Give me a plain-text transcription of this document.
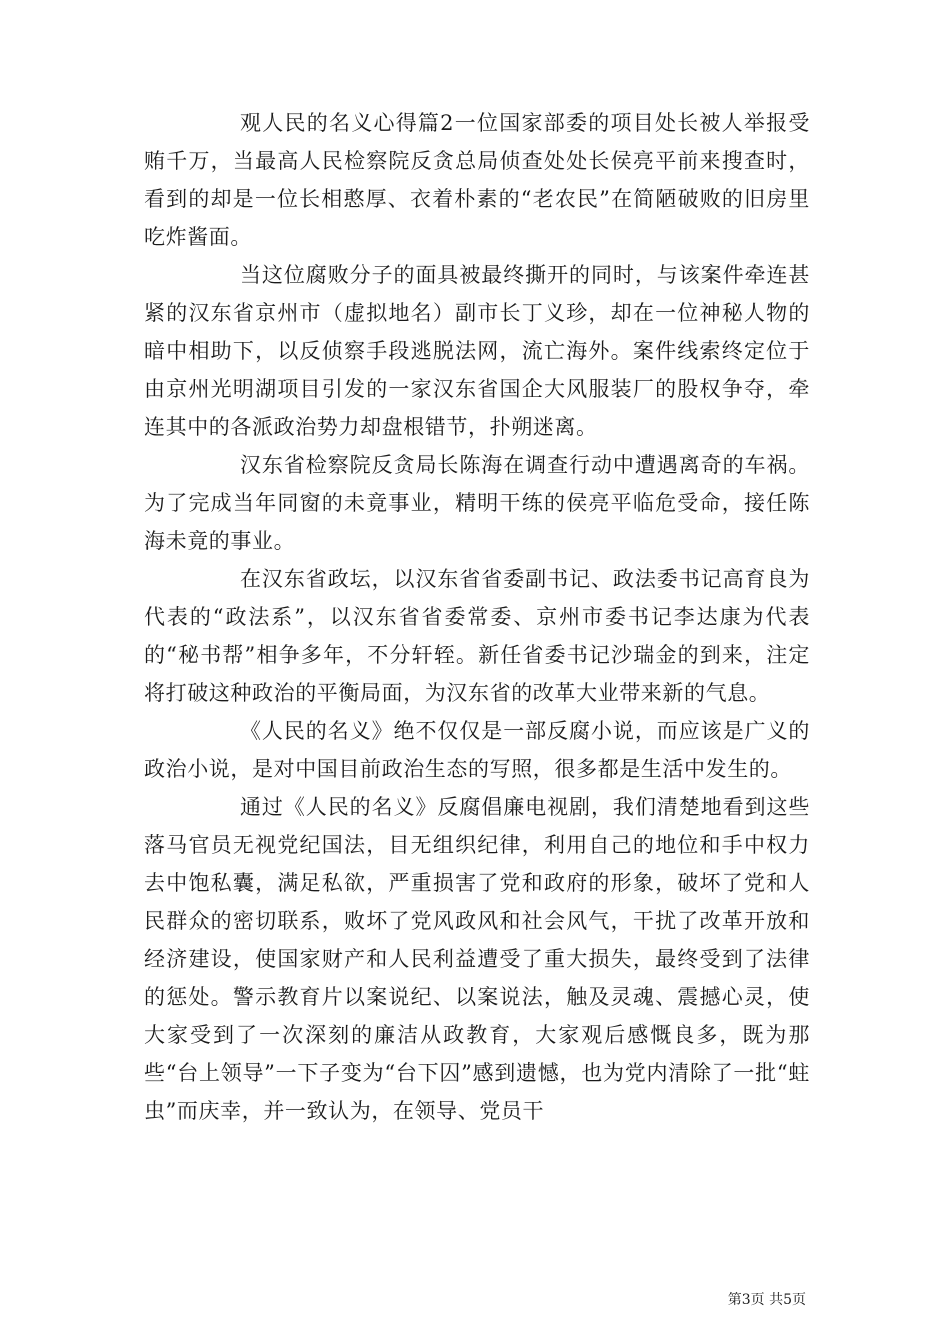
观人民的名义心得篇2一位国家部委的项目处长被人举报受贿千万，当最高人民检察院反贪总局侦查处处长侯亮平前来搜查时，看到的却是一位长相憨厚、衣着朴素的“老农民”在简陋破败的旧房里吃炸酱面。

当这位腐败分子的面具被最终撕开的同时，与该案件牵连甚紧的汉东省京州市（虚拟地名）副市长丁义珍，却在一位神秘人物的暗中相助下，以反侦察手段逃脱法网，流亡海外。案件线索终定位于由京州光明湖项目引发的一家汉东省国企大风服装厂的股权争夺，牵连其中的各派政治势力却盘根错节，扑朔迷离。

汉东省检察院反贪局长陈海在调查行动中遭遇离奇的车祸。为了完成当年同窗的未竟事业，精明干练的侯亮平临危受命，接任陈海未竟的事业。

在汉东省政坛，以汉东省省委副书记、政法委书记高育良为代表的“政法系”，以汉东省省委常委、京州市委书记李达康为代表的“秘书帮”相争多年，不分轩轾。新任省委书记沙瑞金的到来，注定将打破这种政治的平衡局面，为汉东省的改革大业带来新的气息。

《人民的名义》绝不仅仅是一部反腐小说，而应该是广义的政治小说，是对中国目前政治生态的写照，很多都是生活中发生的。

通过《人民的名义》反腐倡廉电视剧，我们清楚地看到这些落马官员无视党纪国法，目无组织纪律，利用自己的地位和手中权力去中饱私囊，满足私欲，严重损害了党和政府的形象，破坏了党和人民群众的密切联系，败坏了党风政风和社会风气，干扰了改革开放和经济建设，使国家财产和人民利益遭受了重大损失，最终受到了法律的惩处。警示教育片以案说纪、以案说法，触及灵魂、震撼心灵，使大家受到了一次深刻的廉洁从政教育，大家观后感慨良多，既为那些“台上领导”一下子变为“台下囚”感到遗憾，也为党内清除了一批“蛀虫”而庆幸，并一致认为，在领导、党员干

第3页 共5页
